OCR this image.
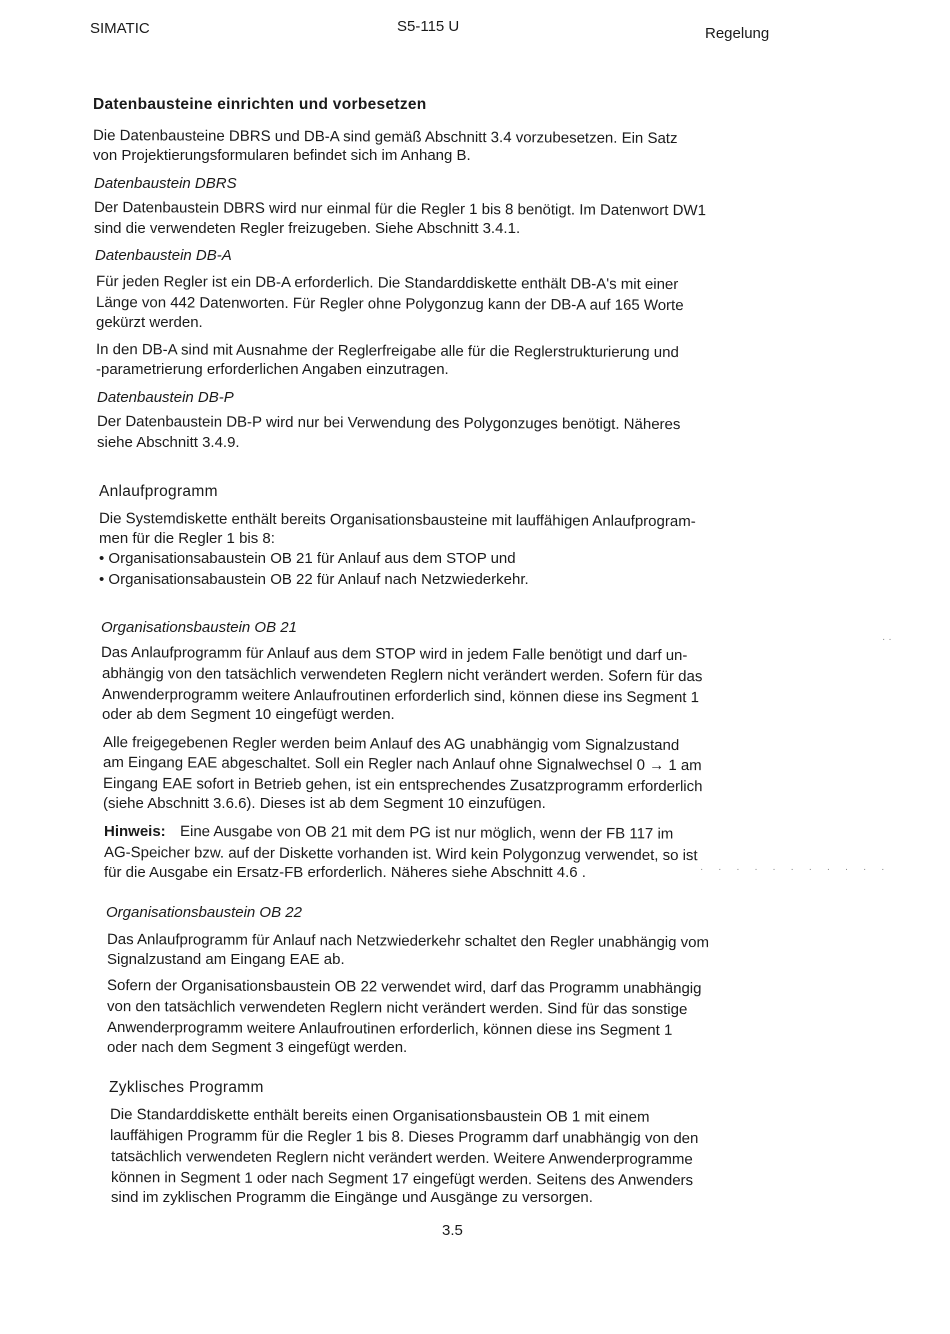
SIMATIC	S5-115 U	Regelung
Datenbausteine einrichten und vorbesetzen
Die Datenbausteine DBRS und DB-A sind gemäß Abschnitt 3.4 vorzubesetzen. Ein Satz
von Projektierungsformularen befindet sich im Anhang B.
Datenbaustein DBRS
Der Datenbaustein DBRS wird nur einmal für die Regler 1 bis 8 benötigt. Im Datenwort DW1
sind die verwendeten Regler freizugeben. Siehe Abschnitt 3.4.1.
Datenbaustein DB-A
Für jeden Regler ist ein DB-A erforderlich. Die Standarddiskette enthält DB-A's mit einer
Länge von 442 Datenworten. Für Regler ohne Polygonzug kann der DB-A auf 165 Worte
gekürzt werden.
In den DB-A sind mit Ausnahme der Reglerfreigabe alle für die Reglerstrukturierung und
-parametrierung erforderlichen Angaben einzutragen.
Datenbaustein DB-P
Der Datenbaustein DB-P wird nur bei Verwendung des Polygonzuges benötigt. Näheres
siehe Abschnitt 3.4.9.
Anlaufprogramm
Die Systemdiskette enthält bereits Organisationsbausteine mit lauffähigen Anlaufprogram-
men für die Regler 1 bis 8:
• Organisationsabaustein OB 21 für Anlauf aus dem STOP und
• Organisationsabaustein OB 22 für Anlauf nach Netzwiederkehr.
Organisationsbaustein OB 21
Das Anlaufprogramm für Anlauf aus dem STOP wird in jedem Falle benötigt und darf un-
abhängig von den tatsächlich verwendeten Reglern nicht verändert werden. Sofern für das
Anwenderprogramm weitere Anlaufroutinen erforderlich sind, können diese ins Segment 1
oder ab dem Segment 10 eingefügt werden.
Alle freigegebenen Regler werden beim Anlauf des AG unabhängig vom Signalzustand
am Eingang EAE abgeschaltet. Soll ein Regler nach Anlauf ohne Signalwechsel 0 → 1 am
Eingang EAE sofort in Betrieb gehen, ist ein entsprechendes Zusatzprogramm erforderlich
(siehe Abschnitt 3.6.6). Dieses ist ab dem Segment 10 einzufügen.
Hinweis: Eine Ausgabe von OB 21 mit dem PG ist nur möglich, wenn der FB 117 im
AG-Speicher bzw. auf der Diskette vorhanden ist. Wird kein Polygonzug verwendet, so ist
für die Ausgabe ein Ersatz-FB erforderlich. Näheres siehe Abschnitt 4.6 .
Organisationsbaustein OB 22
Das Anlaufprogramm für Anlauf nach Netzwiederkehr schaltet den Regler unabhängig vom
Signalzustand am Eingang EAE ab.
Sofern der Organisationsbaustein OB 22 verwendet wird, darf das Programm unabhängig
von den tatsächlich verwendeten Reglern nicht verändert werden. Sind für das sonstige
Anwenderprogramm weitere Anlaufroutinen erforderlich, können diese ins Segment 1
oder nach dem Segment 3 eingefügt werden.
Zyklisches Programm
Die Standarddiskette enthält bereits einen Organisationsbaustein OB 1 mit einem
lauffähigen Programm für die Regler 1 bis 8. Dieses Programm darf unabhängig von den
tatsächlich verwendeten Reglern nicht verändert werden. Weitere Anwenderprogramme
können in Segment 1 oder nach Segment 17 eingefügt werden. Seitens des Anwenders
sind im zyklischen Programm die Eingänge und Ausgänge zu versorgen.
3.5
··
· · · · · · · · · · ·
